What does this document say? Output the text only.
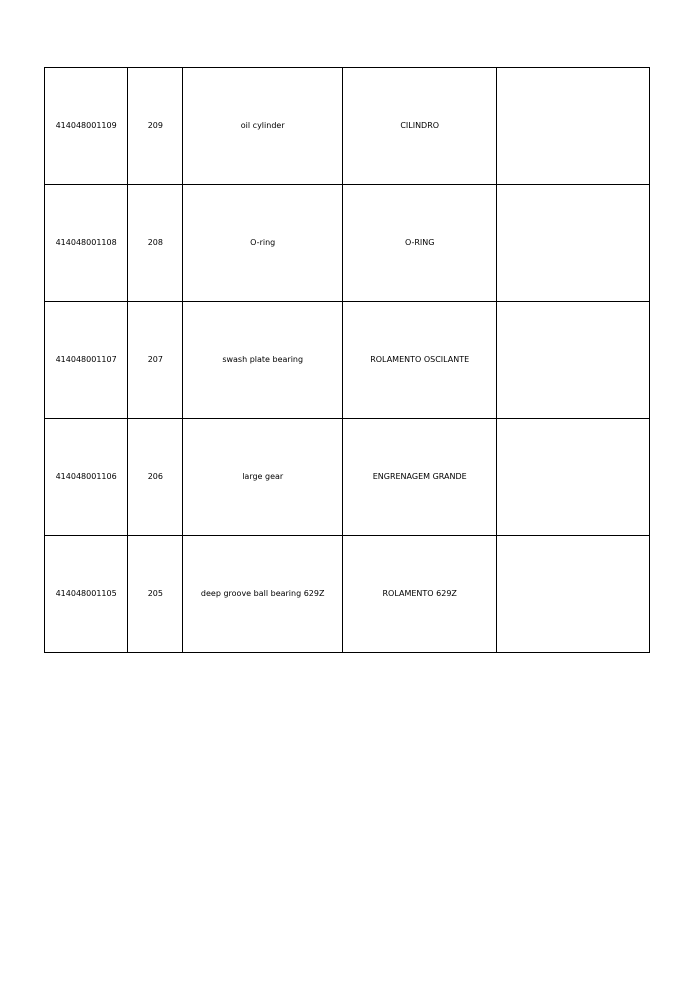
414048001109	209	oil cylinder	CILINDRO	
414048001108	208	O-ring	O-RING	
414048001107	207	swash plate bearing	ROLAMENTO OSCILANTE	
414048001106	206	large gear	ENGRENAGEM GRANDE	
414048001105	205	deep groove ball bearing 629Z	ROLAMENTO 629Z	
